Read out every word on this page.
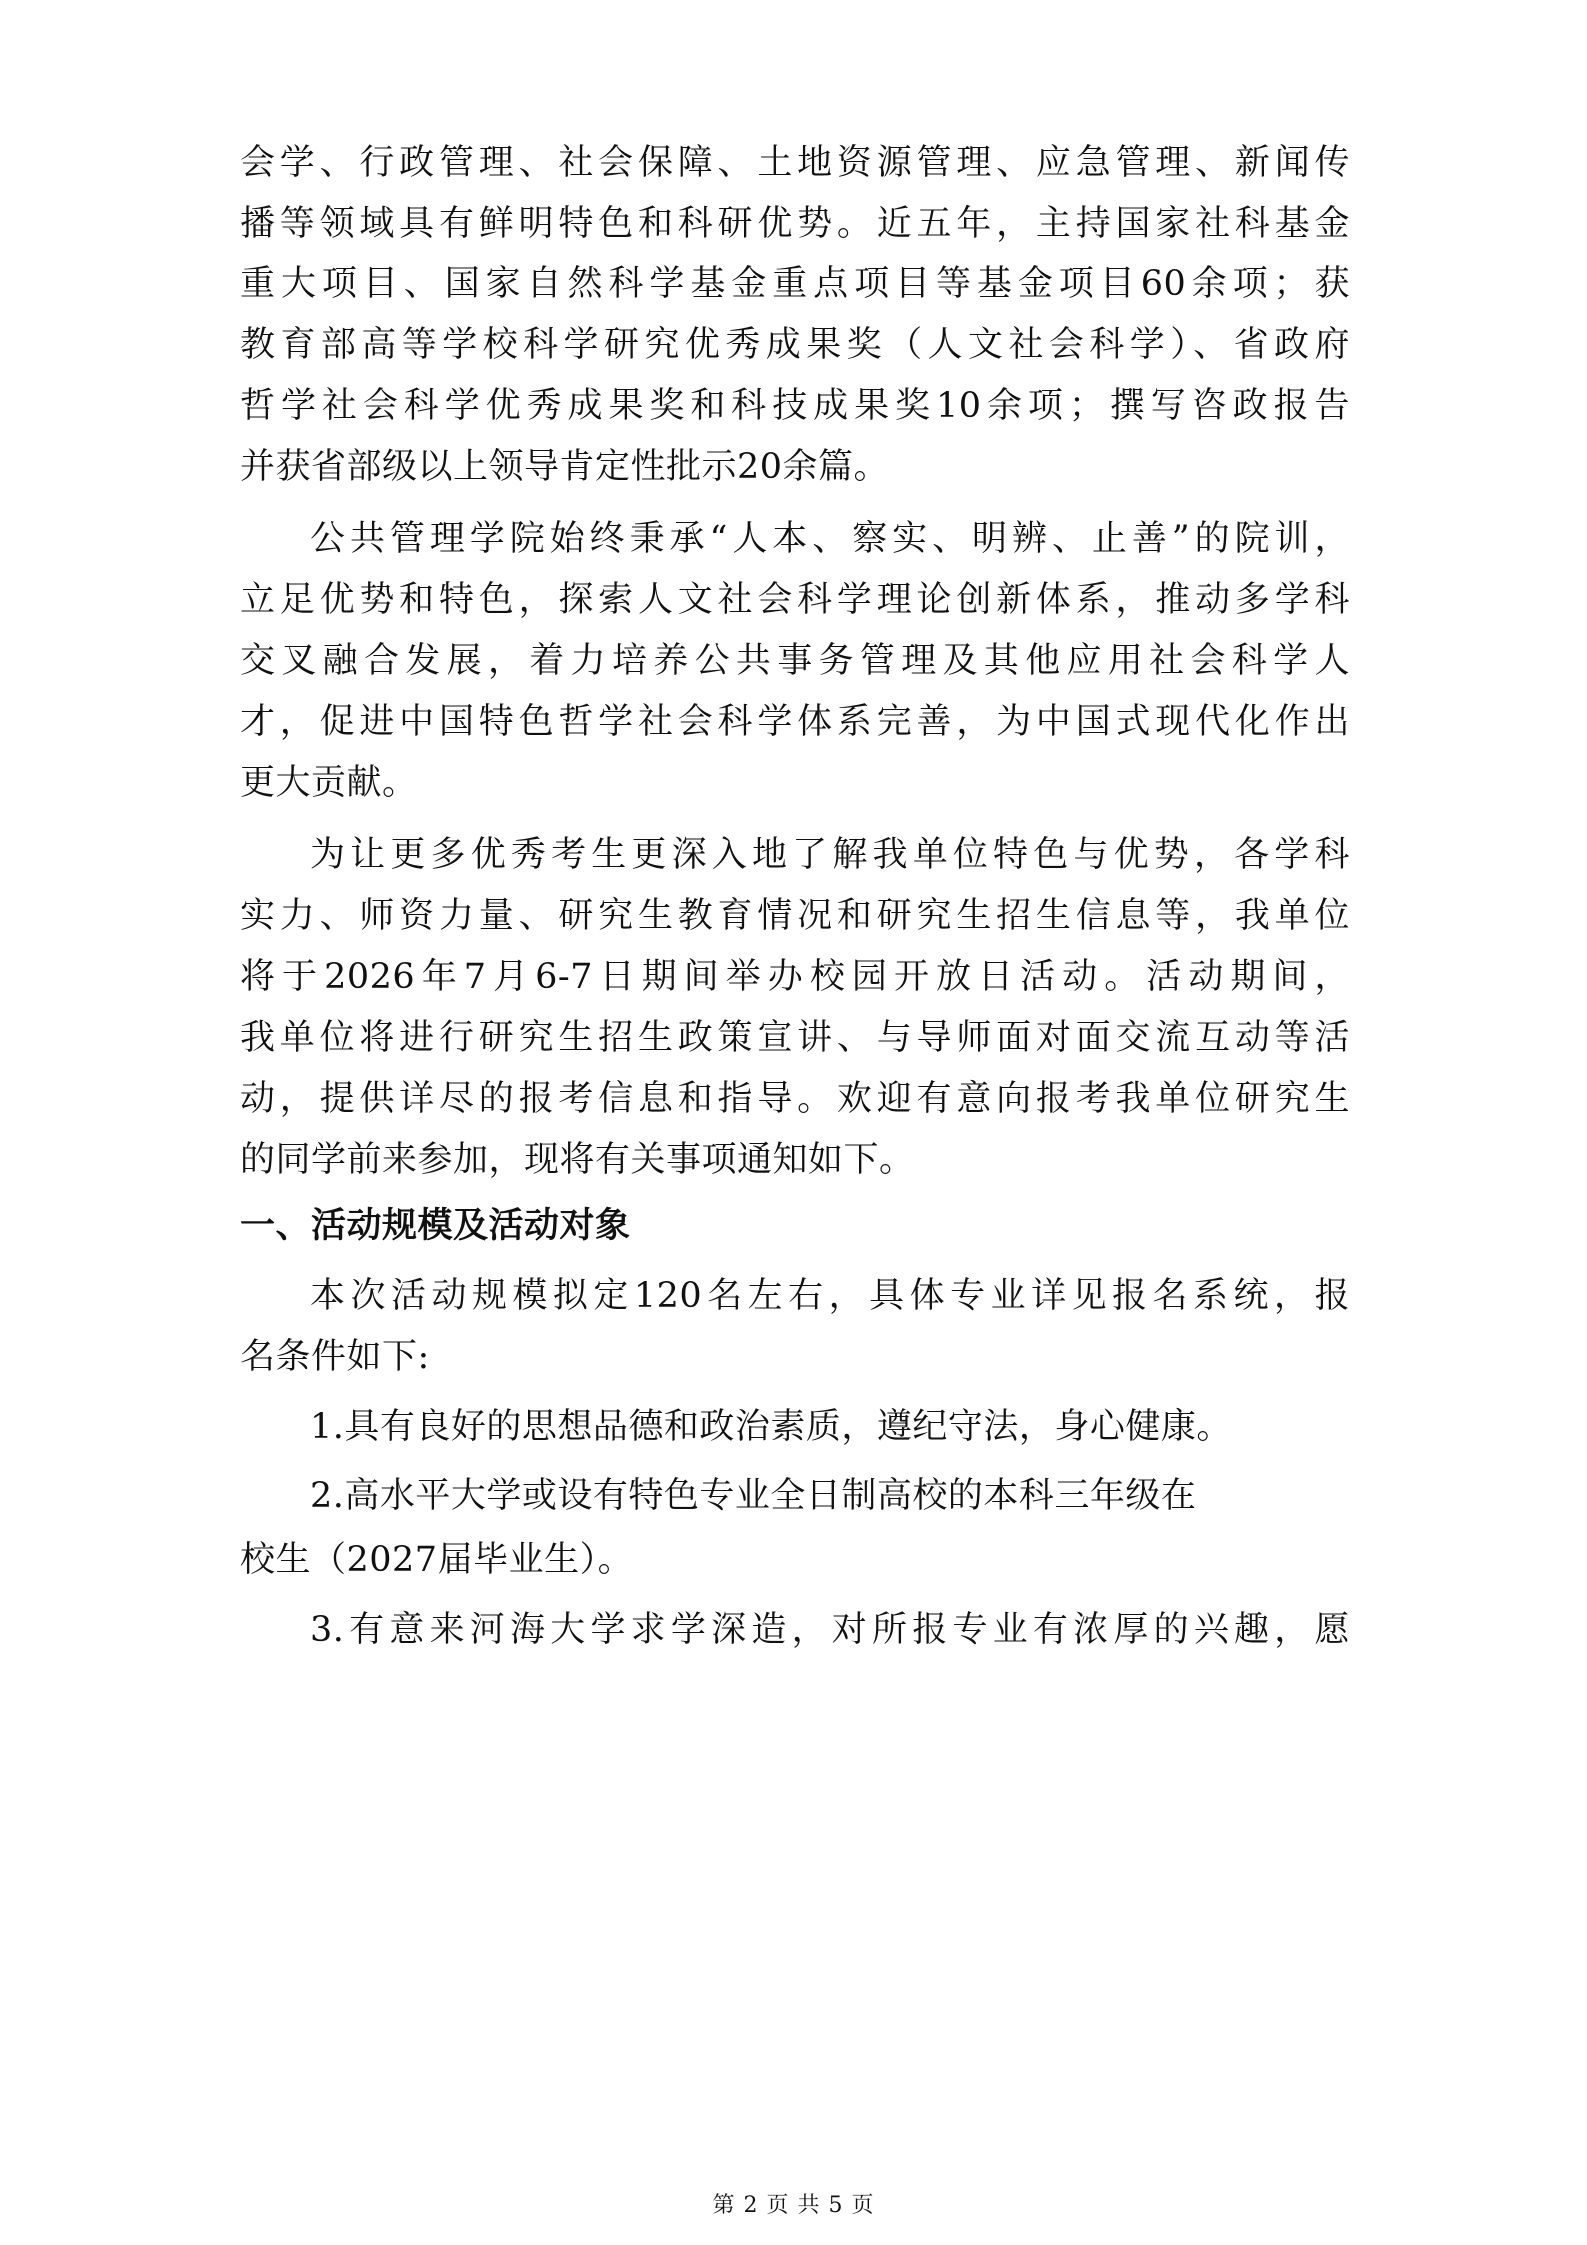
会学、行政管理、社会保障、土地资源管理、应急管理、新闻传
播等领域具有鲜明特色和科研优势。近五年，主持国家社科基金
重大项目、国家自然科学基金重点项目等基金项目60余项；获
教育部高等学校科学研究优秀成果奖（人文社会科学）、省政府
哲学社会科学优秀成果奖和科技成果奖10余项；撰写咨政报告
并获省部级以上领导肯定性批示20余篇。
公共管理学院始终秉承“人本、察实、明辨、止善”的院训，
立足优势和特色，探索人文社会科学理论创新体系，推动多学科
交叉融合发展，着力培养公共事务管理及其他应用社会科学人
才，促进中国特色哲学社会科学体系完善，为中国式现代化作出
更大贡献。
为让更多优秀考生更深入地了解我单位特色与优势，各学科
实力、师资力量、研究生教育情况和研究生招生信息等，我单位
将于2026年7月6-7日期间举办校园开放日活动。活动期间，
我单位将进行研究生招生政策宣讲、与导师面对面交流互动等活
动，提供详尽的报考信息和指导。欢迎有意向报考我单位研究生
的同学前来参加，现将有关事项通知如下。
一、活动规模及活动对象
本次活动规模拟定120名左右，具体专业详见报名系统，报
名条件如下:
1.具有良好的思想品德和政治素质，遵纪守法，身心健康。
2.高水平大学或设有特色专业全日制高校的本科三年级在
校生（2027届毕业生）。
3.有意来河海大学求学深造，对所报专业有浓厚的兴趣，愿
第 2 页 共 5 页
